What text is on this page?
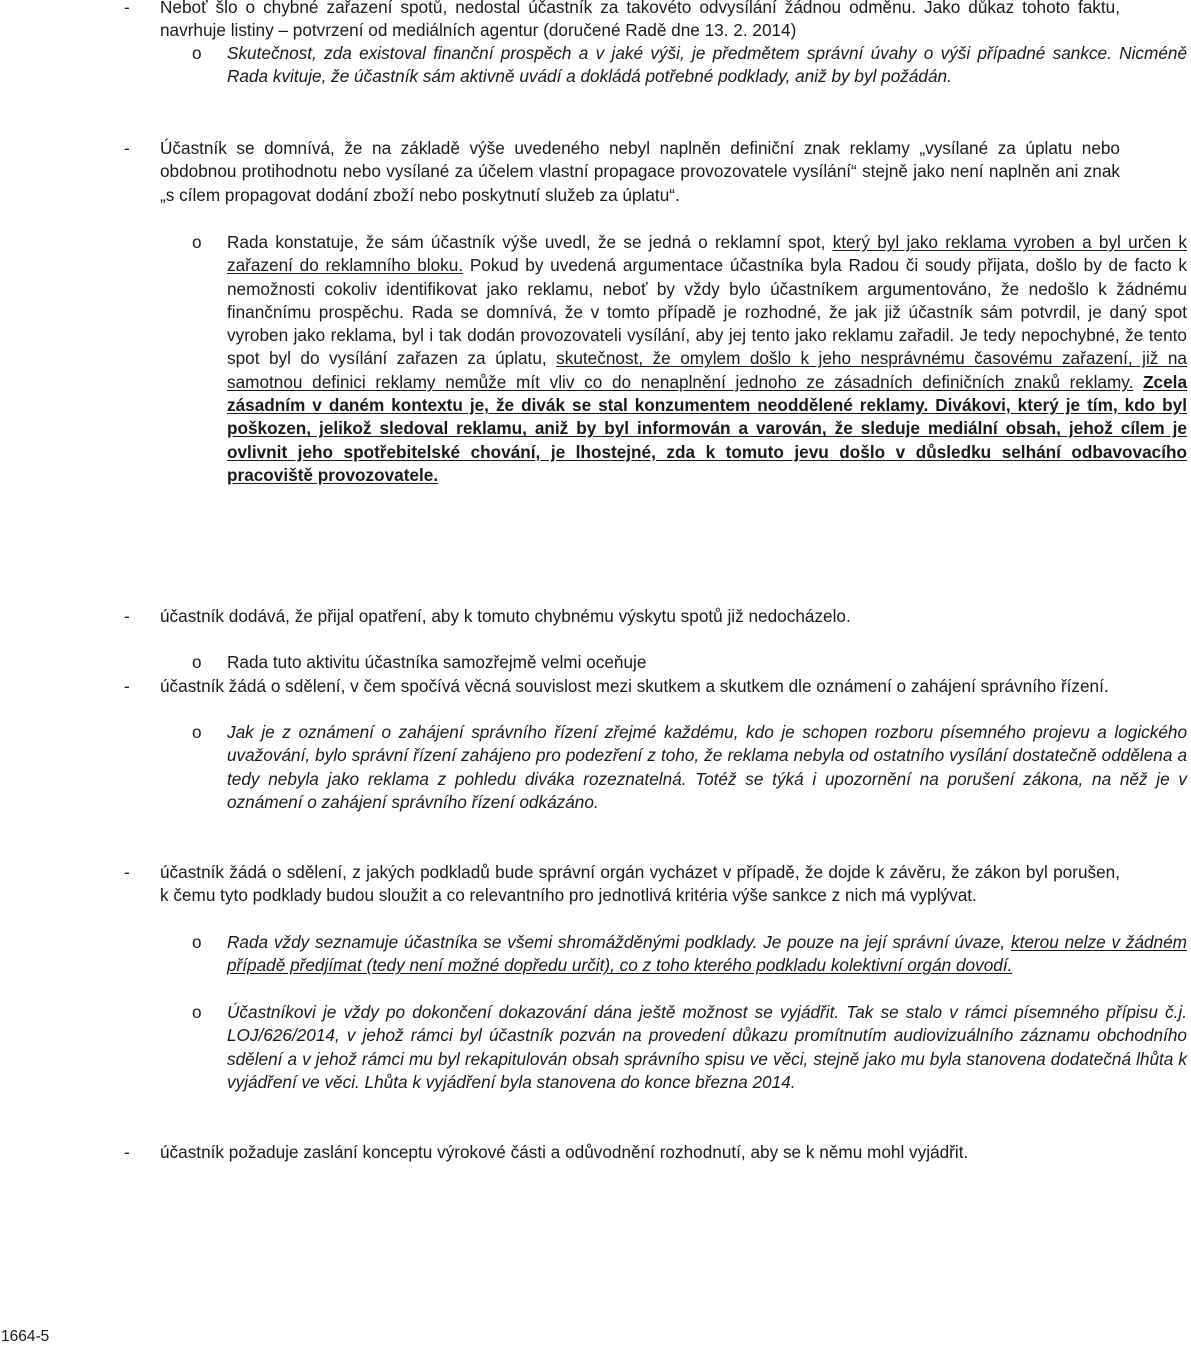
- Neboť šlo o chybné zařazení spotů, nedostal účastník za takovéto odvysílání žádnou odměnu. Jako důkaz tohoto faktu, navrhuje listiny – potvrzení od mediálních agentur (doručené Radě dne 13. 2. 2014)
o Skutečnost, zda existoval finanční prospěch a v jaké výši, je předmětem správní úvahy o výši případné sankce. Nicméně Rada kvituje, že účastník sám aktivně uvádí a dokládá potřebné podklady, aniž by byl požádán.
- Účastník se domnívá, že na základě výše uvedeného nebyl naplněn definiční znak reklamy „vysílané za úplatu nebo obdobnou protihodnotu nebo vysílané za účelem vlastní propagace provozovatele vysílání“ stejně jako není naplněn ani znak „s cílem propagovat dodání zboží nebo poskytnutí služeb za úplatu“.
o Rada konstatuje, že sám účastník výše uvedl, že se jedná o reklamní spot, který byl jako reklama vyroben a byl určen k zařazení do reklamního bloku. Pokud by uvedená argumentace účastníka byla Radou či soudy přijata, došlo by de facto k nemožnosti cokoliv identifikovat jako reklamu, neboť by vždy bylo účastníkem argumentováno, že nedošlo k žádnému finančnímu prospěchu. Rada se domnívá, že v tomto případě je rozhodné, že jak již účastník sám potvrdil, je daný spot vyroben jako reklama, byl i tak dodán provozovateli vysílání, aby jej tento jako reklamu zařadil. Je tedy nepochybné, že tento spot byl do vysílání zařazen za úplatu, skutečnost, že omylem došlo k jeho nesprávnému časovému zařazení, již na samotnou definici reklamy nemůže mít vliv co do nenaplnění jednoho ze zásadních definičních znaků reklamy. Zcela zásadním v daném kontextu je, že divák se stal konzumentem neoddělené reklamy. Divákovi, který je tím, kdo byl poškozen, jelikož sledoval reklamu, aniž by byl informován a varován, že sleduje mediální obsah, jehož cílem je ovlivnit jeho spotřebitelské chování, je lhostejné, zda k tomuto jevu došlo v důsledku selhání odbavovacího pracoviště provozovatele.
- účastník dodává, že přijal opatření, aby k tomuto chybnému výskytu spotů již nedocházelo.
o Rada tuto aktivitu účastníka samozřejmě velmi oceňuje
- účastník žádá o sdělení, v čem spočívá věcná souvislost mezi skutkem a skutkem dle oznámení o zahájení správního řízení.
o Jak je z oznámení o zahájení správního řízení zřejmé každému, kdo je schopen rozboru písemného projevu a logického uvažování, bylo správní řízení zahájeno pro podezření z toho, že reklama nebyla od ostatního vysílání dostatečně oddělena a tedy nebyla jako reklama z pohledu diváka rozeznatelná. Totéž se týká i upozornění na porušení zákona, na něž je v oznámení o zahájení správního řízení odkázáno.
- účastník žádá o sdělení, z jakých podkladů bude správní orgán vycházet v případě, že dojde k závěru, že zákon byl porušen, k čemu tyto podklady budou sloužit a co relevantního pro jednotlivá kritéria výše sankce z nich má vyplývat.
o Rada vždy seznamuje účastníka se všemi shromážděnými podklady. Je pouze na její správní úvaze, kterou nelze v žádném případě předjímat (tedy není možné dopředu určit), co z toho kterého podkladu kolektivní orgán dovodí.
o Účastníkovi je vždy po dokončení dokazování dána ještě možnost se vyjádřit. Tak se stalo v rámci písemného přípisu č.j. LOJ/626/2014, v jehož rámci byl účastník pozván na provedení důkazu promítnutím audiovizuálního záznamu obchodního sdělení a v jehož rámci mu byl rekapitulován obsah správního spisu ve věci, stejně jako mu byla stanovena dodatečná lhůta k vyjádření ve věci. Lhůta k vyjádření byla stanovena do konce března 2014.
- účastník požaduje zaslání konceptu výrokové části a odůvodnění rozhodnutí, aby se k němu mohl vyjádřit.
1664-5
